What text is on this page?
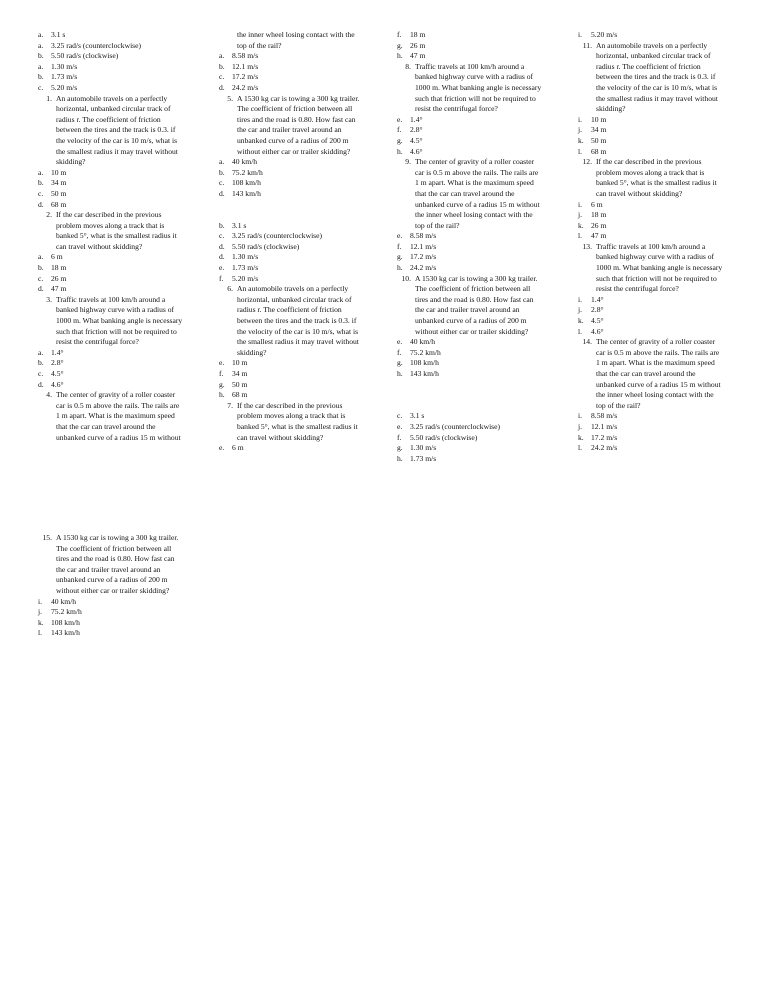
a.	3.1 s
a.	3.25 rad/s (counterclockwise)
b. 5.50 rad/s (clockwise)
a.	1.30 m/s
b. 1.73 m/s
c.	5.20 m/s
1. An automobile travels on a perfectly
horizontal, unbanked circular track of
radius r. The coefficient of friction
between the tires and the track is 0.3. if
the velocity of the car is 10 m/s, what is
the smallest radius it may travel without
skidding?
a.	10 m
b. 34 m
c.	50 m
d. 68 m
2. If the car described in the previous
problem moves along a track that is
banked 5°, what is the smallest radius it
can travel without skidding?
a.	6 m
b. 18 m
c.	26 m
d. 47 m
3. Traffic travels at 100 km/h around a
banked highway curve with a radius of
1000 m. What banking angle is necessary
such that friction will not be required to
resist the centrifugal force?
a.	1.4°
b. 2.8°
c.	4.5°
d. 4.6°
4. The center of gravity of a roller coaster
car is 0.5 m above the rails. The rails are
1 m apart. What is the maximum speed
that the car can travel around the
unbanked curve of a radius 15 m without
the inner wheel losing contact with the
top of the rail?
a.	8.58 m/s
b. 12.1 m/s
c.	17.2 m/s
d. 24.2 m/s
5. A 1530 kg car is towing a 300 kg trailer.
The coefficient of friction between all
tires and the road is 0.80. How fast can
the car and trailer travel around an
unbanked curve of a radius of 200 m
without either car or trailer skidding?
a.	40 km/h
b. 75.2 km/h
c.	108 km/h
d. 143 km/h
b. 3.1 s
c.	3.25 rad/s (counterclockwise)
d. 5.50 rad/s (clockwise)
d. 1.30 m/s
e.	1.73 m/s
f.	5.20 m/s
6. An automobile travels on a perfectly
horizontal, unbanked circular track of
radius r. The coefficient of friction
between the tires and the track is 0.3. if
the velocity of the car is 10 m/s, what is
the smallest radius it may travel without
skidding?
e.	10 m
f.	34 m
g. 50 m
h. 68 m
7. If the car described in the previous
problem moves along a track that is
banked 5°, what is the smallest radius it
can travel without skidding?
e.	6 m
f.	18 m
g. 26 m
h. 47 m
8. Traffic travels at 100 km/h around a
banked highway curve with a radius of
1000 m. What banking angle is necessary
such that friction will not be required to
resist the centrifugal force?
e.	1.4°
f.	2.8°
g. 4.5°
h. 4.6°
9. The center of gravity of a roller coaster
car is 0.5 m above the rails. The rails are
1 m apart. What is the maximum speed
that the car can travel around the
unbanked curve of a radius 15 m without
the inner wheel losing contact with the
top of the rail?
e.	8.58 m/s
f.	12.1 m/s
g. 17.2 m/s
h. 24.2 m/s
10. A 1530 kg car is towing a 300 kg trailer.
The coefficient of friction between all
tires and the road is 0.80. How fast can
the car and trailer travel around an
unbanked curve of a radius of 200 m
without either car or trailer skidding?
e.	40 km/h
f.	75.2 km/h
g. 108 km/h
h. 143 km/h
c.	3.1 s
e.	3.25 rad/s (counterclockwise)
f.	5.50 rad/s (clockwise)
g. 1.30 m/s
h. 1.73 m/s
i.	5.20 m/s
11. An automobile travels on a perfectly
horizontal, unbanked circular track of
radius r. The coefficient of friction
between the tires and the track is 0.3. if
the velocity of the car is 10 m/s, what is
the smallest radius it may travel without
skidding?
i.	10 m
j.	34 m
k. 50 m
l.	68 m
12. If the car described in the previous
problem moves along a track that is
banked 5°, what is the smallest radius it
can travel without skidding?
i.	6 m
j.	18 m
k. 26 m
l.	47 m
13. Traffic travels at 100 km/h around a
banked highway curve with a radius of
1000 m. What banking angle is necessary
such that friction will not be required to
resist the centrifugal force?
i.	1.4°
j.	2.8°
k. 4.5°
l.	4.6°
14. The center of gravity of a roller coaster
car is 0.5 m above the rails. The rails are
1 m apart. What is the maximum speed
that the car can travel around the
unbanked curve of a radius 15 m without
the inner wheel losing contact with the
top of the rail?
i.	8.58 m/s
j.	12.1 m/s
k. 17.2 m/s
l.	24.2 m/s
15. A 1530 kg car is towing a 300 kg trailer.
The coefficient of friction between all
tires and the road is 0.80. How fast can
the car and trailer travel around an
unbanked curve of a radius of 200 m
without either car or trailer skidding?
i.	40 km/h
j.	75.2 km/h
k. 108 km/h
l.	143 km/h
